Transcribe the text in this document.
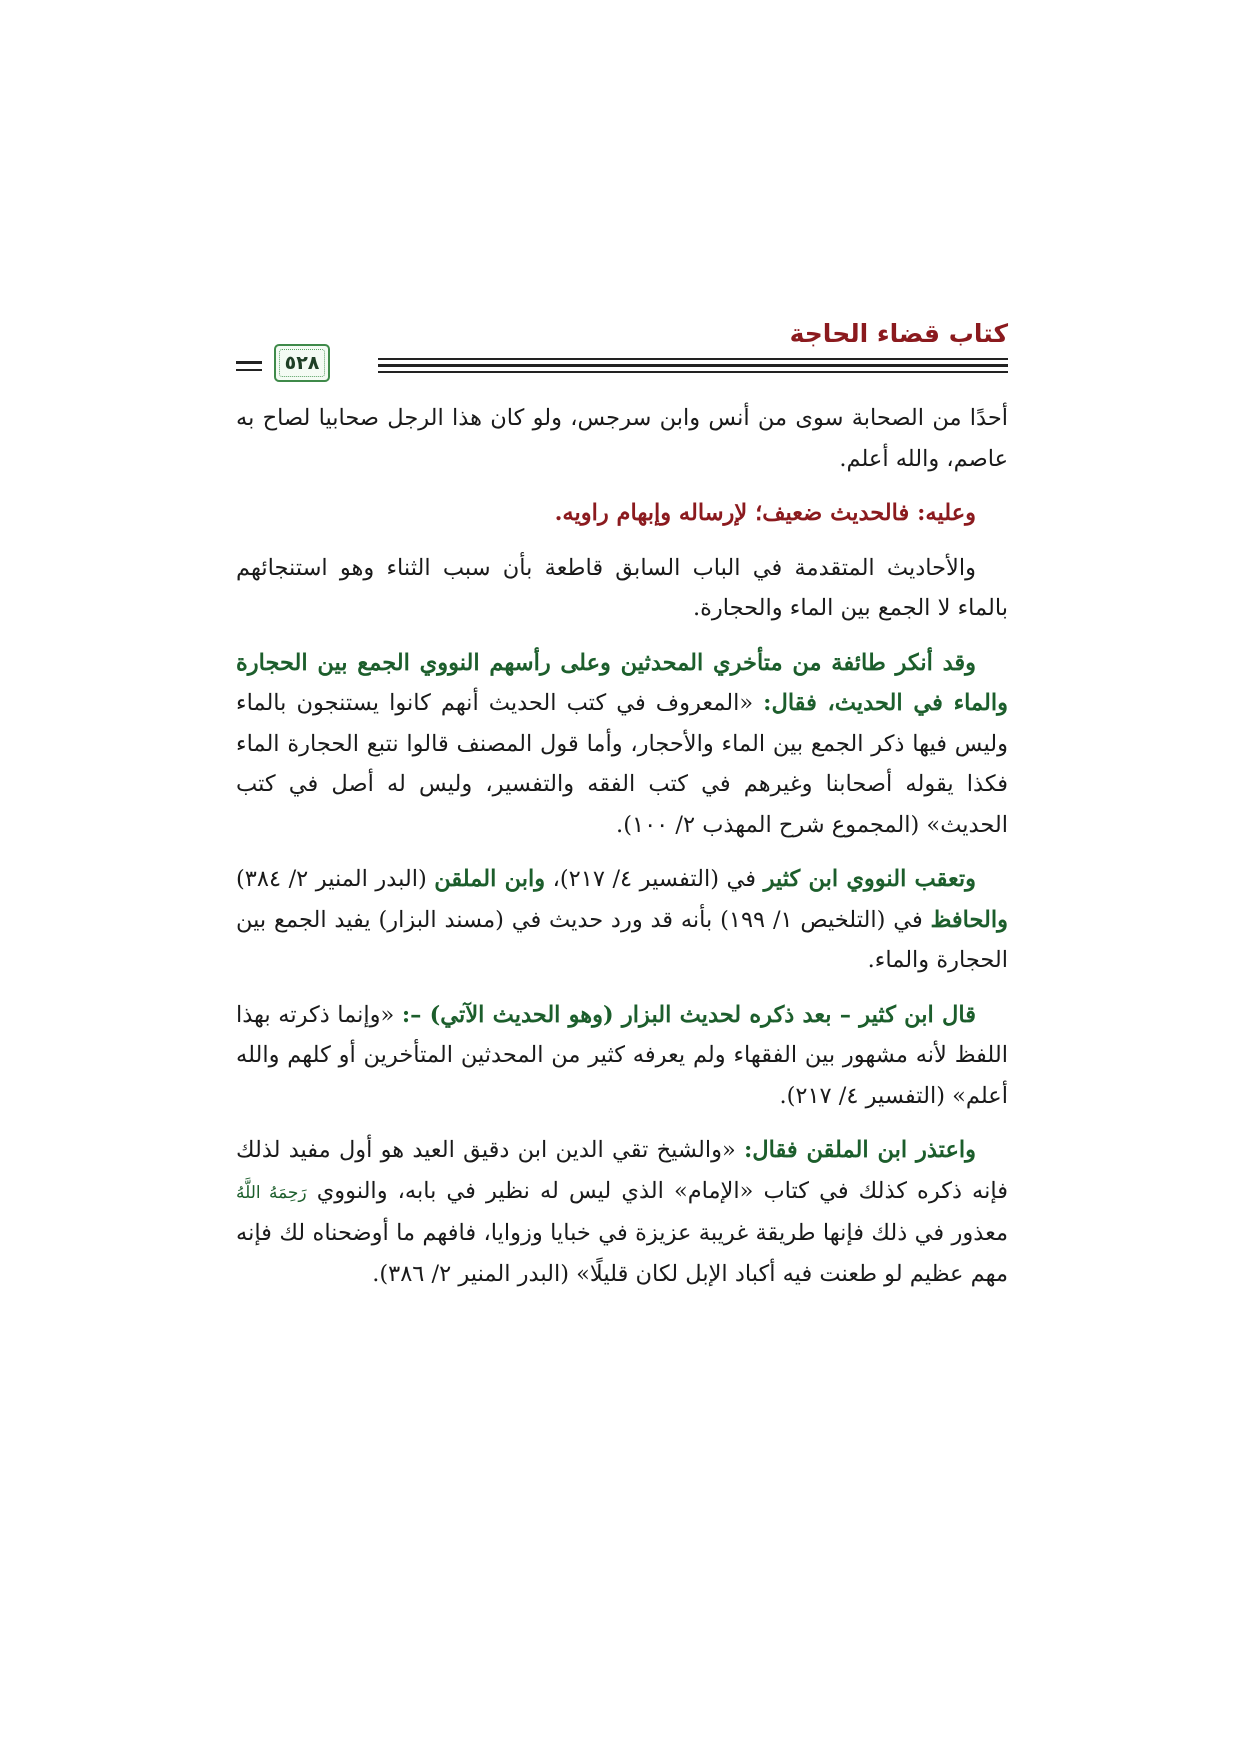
كتاب قضاء الحاجة
٥٢٨

أحدًا من الصحابة سوى من أنس وابن سرجس، ولو كان هذا الرجل صحابيا لصاح به عاصم، والله أعلم.

وعليه: فالحديث ضعيف؛ لإرساله وإبهام راويه.

والأحاديث المتقدمة في الباب السابق قاطعة بأن سبب الثناء وهو استنجائهم بالماء لا الجمع بين الماء والحجارة.

وقد أنكر طائفة من متأخري المحدثين وعلى رأسهم النووي الجمع بين الحجارة والماء في الحديث، فقال: «المعروف في كتب الحديث أنهم كانوا يستنجون بالماء وليس فيها ذكر الجمع بين الماء والأحجار، وأما قول المصنف قالوا نتبع الحجارة الماء فكذا يقوله أصحابنا وغيرهم في كتب الفقه والتفسير، وليس له أصل في كتب الحديث» (المجموع شرح المهذب ٢/ ١٠٠).

وتعقب النووي ابن كثير في (التفسير ٤/ ٢١٧)، وابن الملقن (البدر المنير ٢/ ٣٨٤) والحافظ في (التلخيص ١/ ١٩٩) بأنه قد ورد حديث في (مسند البزار) يفيد الجمع بين الحجارة والماء.

قال ابن كثير – بعد ذكره لحديث البزار (وهو الحديث الآتي) –: «وإنما ذكرته بهذا اللفظ لأنه مشهور بين الفقهاء ولم يعرفه كثير من المحدثين المتأخرين أو كلهم والله أعلم» (التفسير ٤/ ٢١٧).

واعتذر ابن الملقن فقال: «والشيخ تقي الدين ابن دقيق العيد هو أول مفيد لذلك فإنه ذكره كذلك في كتاب «الإمام» الذي ليس له نظير في بابه، والنووي رَحِمَهُ اللَّهُ معذور في ذلك فإنها طريقة غريبة عزيزة في خبايا وزوايا، فافهم ما أوضحناه لك فإنه مهم عظيم لو طعنت فيه أكباد الإبل لكان قليلًا» (البدر المنير ٢/ ٣٨٦).
